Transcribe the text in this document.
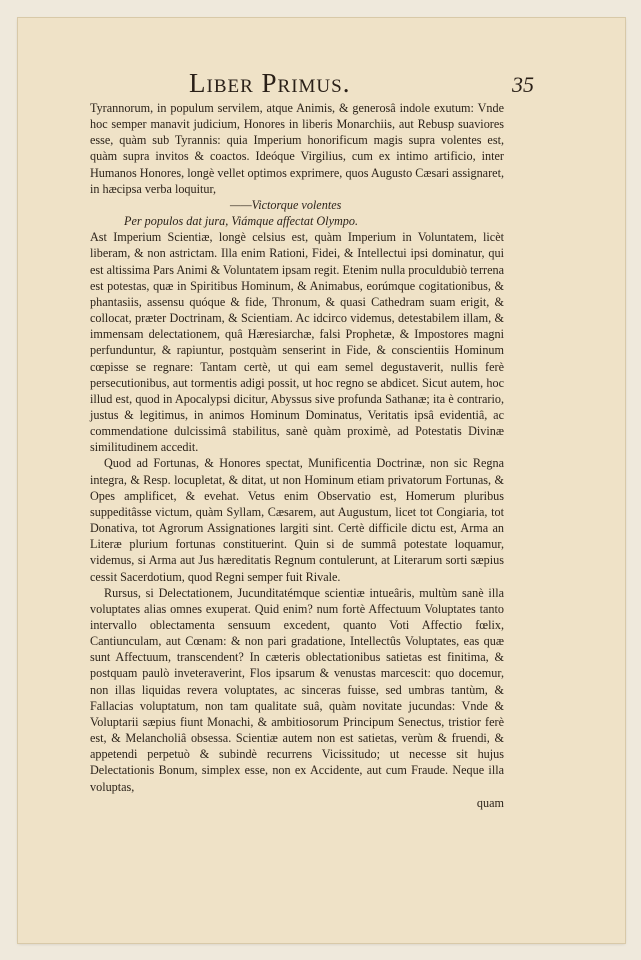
Liber Primus.	35

Tyrannorum, in populum servilem, atque Animis, & generosâ indole exutum: Vnde hoc semper manavit judicium, Honores in liberis Monarchiis, aut Rebusp suaviores esse, quàm sub Tyrannis: quia Imperium honorificum magis supra volentes est, quàm supra invitos & coactos. Ideóque Virgilius, cum ex intimo artificio, inter Humanos Honores, longè vellet optimos exprimere, quos Augusto Cæsari assignaret, in hæcipsa verba loquitur,

——Victorque volentes

Per populos dat jura, Viámque affectat Olympo.

Ast Imperium Scientiæ, longè celsius est, quàm Imperium in Voluntatem, licèt liberam, & non astrictam. Illa enim Rationi, Fidei, & Intellectui ipsi dominatur, qui est altissima Pars Animi & Voluntatem ipsam regit. Etenim nulla proculdubiò terrena est potestas, quæ in Spiritibus Hominum, & Animabus, eorúmque cogitationibus, & phantasiis, assensu quóque & fide, Thronum, & quasi Cathedram suam erigit, & collocat, præter Doctrinam, & Scientiam. Ac idcirco videmus, detestabilem illam, & immensam delectationem, quâ Hæresiarchæ, falsi Prophetæ, & Impostores magni perfunduntur, & rapiuntur, postquàm senserint in Fide, & conscientiis Hominum cœpisse se regnare: Tantam certè, ut qui eam semel degustaverit, nullis ferè persecutionibus, aut tormentis adigi possit, ut hoc regno se abdicet. Sicut autem, hoc illud est, quod in Apocalypsi dicitur, Abyssus sive profunda Sathanæ; ita è contrario, justus & legitimus, in animos Hominum Dominatus, Veritatis ipsâ evidentiâ, ac commendatione dulcissimâ stabilitus, sanè quàm proximè, ad Potestatis Divinæ similitudinem accedit.

Quod ad Fortunas, & Honores spectat, Munificentia Doctrinæ, non sic Regna integra, & Resp. locupletat, & ditat, ut non Hominum etiam privatorum Fortunas, & Opes amplificet, & evehat. Vetus enim Observatio est, Homerum pluribus suppeditâsse victum, quàm Syllam, Cæsarem, aut Augustum, licet tot Congiaria, tot Donativa, tot Agrorum Assignationes largiti sint. Certè difficile dictu est, Arma an Literæ plurium fortunas constituerint. Quin si de summâ potestate loquamur, videmus, si Arma aut Jus hæreditatis Regnum contulerunt, at Literarum sorti sæpius cessit Sacerdotium, quod Regni semper fuit Rivale.

Rursus, si Delectationem, Jucunditatémque scientiæ intueâris, multùm sanè illa voluptates alias omnes exuperat. Quid enim? num fortè Affectuum Voluptates tanto intervallo oblectamenta sensuum excedent, quanto Voti Affectio fœlix, Cantiunculam, aut Cœnam: & non pari gradatione, Intellectûs Voluptates, eas quæ sunt Affectuum, transcendent? In cæteris oblectationibus satietas est finitima, & postquam paulò inveteraverint, Flos ipsarum & venustas marcescit: quo docemur, non illas liquidas revera voluptates, ac sinceras fuisse, sed umbras tantùm, & Fallacias voluptatum, non tam qualitate suâ, quàm novitate jucundas: Vnde & Voluptarii sæpius fiunt Monachi, & ambitiosorum Principum Senectus, tristior ferè est, & Melancholiâ obsessa. Scientiæ autem non est satietas, verùm & fruendi, & appetendi perpetuò & subindè recurrens Vicissitudo; ut necesse sit hujus Delectationis Bonum, simplex esse, non ex Accidente, aut cum Fraude. Neque illa voluptas,

quam
